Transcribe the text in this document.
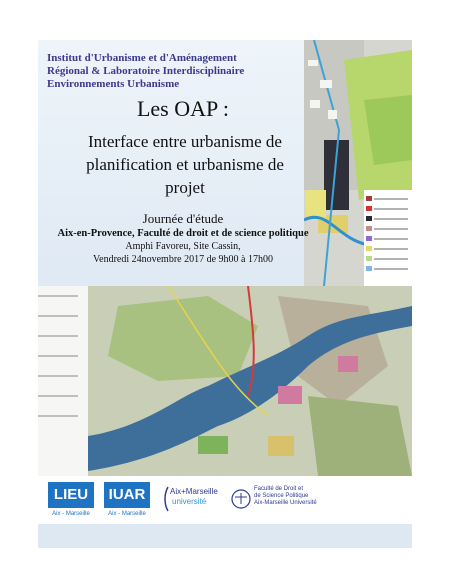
Institut d'Urbanisme et d'Aménagement
Régional & Laboratoire Interdisciplinaire
Environnements Urbanisme
Les OAP :
Interface entre urbanisme de
planification et urbanisme de
projet
Journée d'étude
Aix-en-Provence, Faculté de droit et de science politique
Amphi Favoreu, Site Cassin,
Vendredi 24novembre 2017 de 9h00 à 17h00
LIEU
Aix - Marseille
IUAR
Aix - Marseille
Aix+Marseille
université
Faculté de Droit et
de Science Politique
Aix-Marseille Université
